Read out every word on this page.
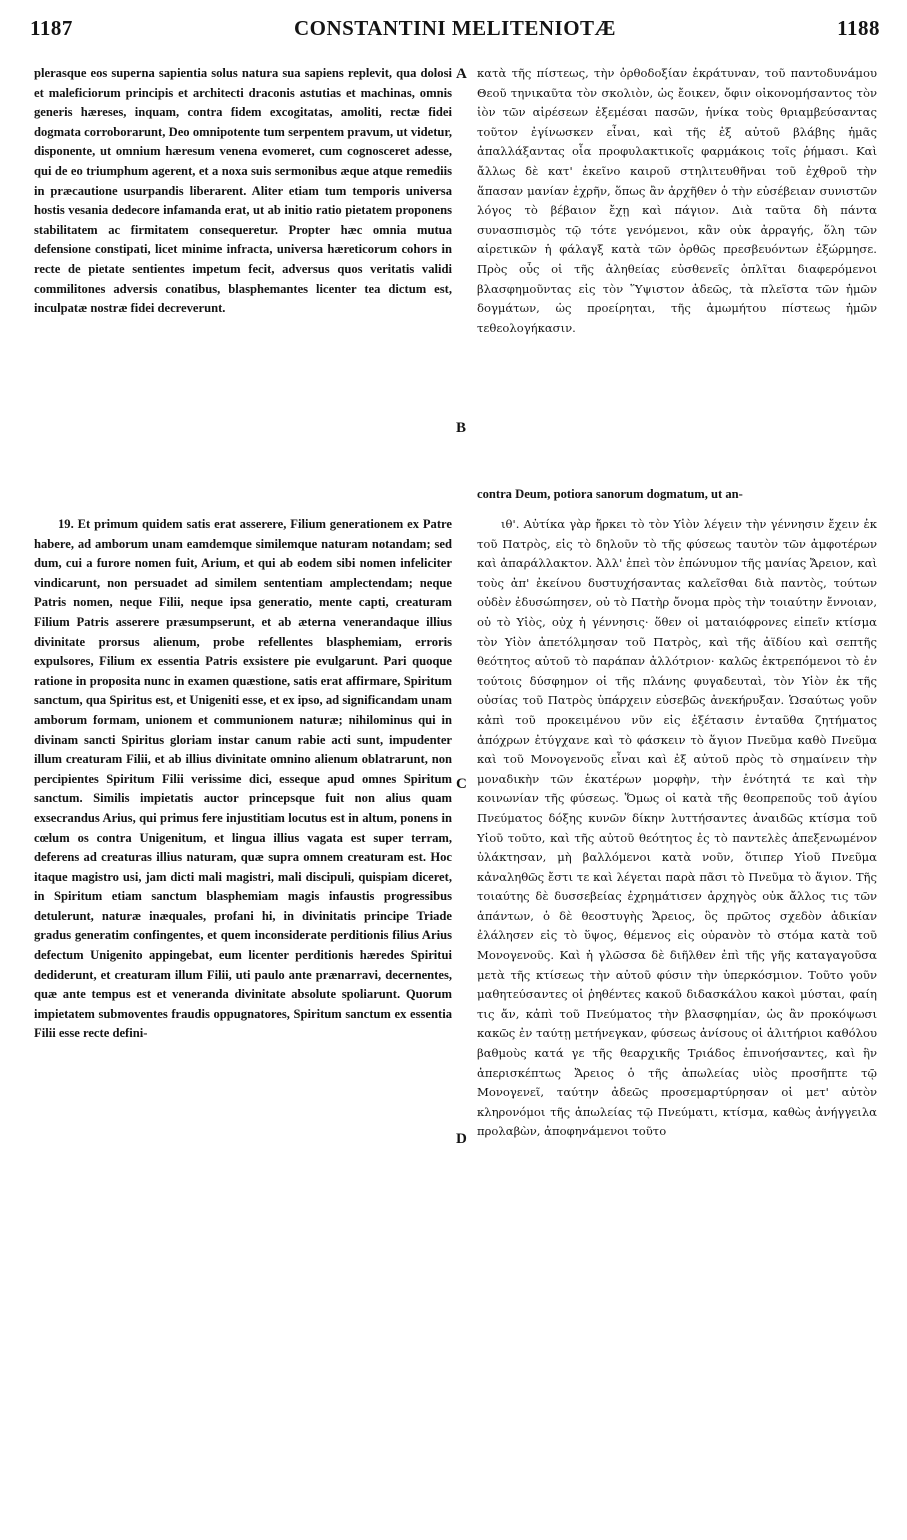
1187	CONSTANTINI MELITENIOTÆ	1188

plerasque eos superna sapientia solus natura sua sapiens replevit, qua dolosi et maleficiorum principis et architecti draconis astutias et machinas, omnis generis hæreses, inquam, contra fidem excogitatas, amoliti, rectæ fidei dogmata corroborarunt, Deo omnipotente tum serpentem pravum, ut videtur, disponente, ut omnium hæresum venena evomeret, cum cognosceret adesse, qui de eo triumphum agerent, et a noxa suis sermonibus æque atque remediis in præcautione usurpandis liberarent. Aliter etiam tum temporis universa hostis vesania dedecore infamanda erat, ut ab initio ratio pietatem proponens stabilitatem ac firmitatem consequeretur. Propter hæc omnia mutua defensione constipati, licet minime infracta, universa hæreticorum cohors in recte de pietate sentientes impetum fecit, adversus quos veritatis validi commilitones adversis conatibus, blasphemantes licenter tea dictum est, inculpatæ nostræ fidei decreverunt.

19. Et primum quidem satis erat asserere, Filium generationem ex Patre habere, ad amborum unam eamdemque similemque naturam notandam; sed dum, cui a furore nomen fuit, Arium, et qui ab eodem sibi nomen infeliciter vindicarunt, non persuadet ad similem sententiam amplectendam; neque Patris nomen, neque Filii, neque ipsa generatio, mente capti, creaturam Filium Patris asserere præsumpserunt, et ab æterna venerandaque illius divinitate prorsus alienum, probe refellentes blasphemiam, erroris expulsores, Filium ex essentia Patris exsistere pie evulgarunt. Pari quoque ratione in proposita nunc in examen quæstione, satis erat affirmare, Spiritum sanctum, qua Spiritus est, et Unigeniti esse, et ex ipso, ad significandam unam amborum formam, unionem et communionem naturæ; nihilominus qui in divinam sancti Spiritus gloriam instar canum rabie acti sunt, impudenter illum creaturam Filii, et ab illius divinitate omnino alienum oblatrarunt, non percipientes Spiritum Filii verissime dici, esseque apud omnes Spiritum sanctum. Similis impietatis auctor princepsque fuit non alius quam exsecrandus Arius, qui primus fere injustitiam locutus est in altum, ponens in cœlum os contra Unigenitum, et lingua illius vagata est super terram, deferens ad creaturas illius naturam, quæ supra omnem creaturam est. Hoc itaque magistro usi, jam dicti mali magistri, mali discipuli, quispiam diceret, in Spiritum etiam sanctum blasphemiam magis infaustis progressibus detulerunt, naturæ inæquales, profani hi, in divinitatis principe Triade gradus generatim confingentes, et quem inconsiderate perditionis filius Arius defectum Unigenito appingebat, eum licenter perditionis hæredes Spiritui dediderunt, et creaturam illum Filii, uti paulo ante prænarravi, decernentes, quæ ante tempus est et veneranda divinitate absolute spoliarunt. Quorum impietatem submoventes fraudis oppugnatores, Spiritum sanctum ex essentia Filii esse recte defini-

κατὰ τῆς πίστεως, τὴν ὀρθοδοξίαν ἐκράτυναν, τοῦ παντοδυνάμου Θεοῦ τηνικαῦτα τὸν σκολιὸν, ὡς ἔοικεν, ὄφιν οἰκονομήσαντος τὸν ἰὸν τῶν αἱρέσεων ἐξεμέσαι πασῶν, ἡνίκα τοὺς θριαμβεύσαντας τοῦτον ἐγίνωσκεν εἶναι, καὶ τῆς ἐξ αὐτοῦ βλάβης ἡμᾶς ἀπαλλάξαντας οἷα προφυλακτικοῖς φαρμάκοις τοῖς ῥήμασι. Καὶ ἄλλως δὲ κατ' ἐκεῖνο καιροῦ στηλιτευθῆναι τοῦ ἐχθροῦ τὴν ἅπασαν μανίαν ἐχρῆν, ὅπως ἂν ἀρχῆθεν ὁ τὴν εὐσέβειαν συνιστῶν λόγος τὸ βέβαιον ἔχῃ καὶ πάγιον. Διὰ ταῦτα δὴ πάντα συνασπισμὸς τῷ τότε γενόμενοι, κἂν οὐκ ἀρραγής, ὅλη τῶν αἱρετικῶν ἡ φάλαγξ κατὰ τῶν ὀρθῶς πρεσβευόντων ἐξώρμησε. Πρὸς οὖς οἱ τῆς ἀληθείας εὐσθενεῖς ὁπλῖται διαφερόμενοι βλασφημοῦντας εἰς τὸν Ὕψιστον ἀδεῶς, τὰ πλεῖστα τῶν ἡμῶν δογμάτων, ὡς προείρηται, τῆς ἀμωμήτου πίστεως ἡμῶν τεθεολογήκασιν.

contra Deum, potiora sanorum dogmatum, ut an-

ιθ'. Αὐτίκα γὰρ ἤρκει τὸ τὸν Υἱὸν λέγειν τὴν γέννησιν ἔχειν ἐκ τοῦ Πατρὸς, εἰς τὸ δηλοῦν τὸ τῆς φύσεως ταυτὸν τῶν ἀμφοτέρων καὶ ἀπαράλλακτον. Ἀλλ' ἐπεὶ τὸν ἐπώνυμον τῆς μανίας Ἄρειον, καὶ τοὺς ἀπ' ἐκείνου δυστυχήσαντας καλεῖσθαι διὰ παντὸς, τούτων οὐδὲν ἐδυσώπησεν, οὐ τὸ Πατὴρ ὄνομα πρὸς τὴν τοιαύτην ἔννοιαν, οὐ τὸ Υἱὸς, οὐχ ἡ γέννησις· ὅθεν οἱ ματαιόφρονες εἰπεῖν κτίσμα τὸν Υἱὸν ἀπετόλμησαν τοῦ Πατρὸς, καὶ τῆς ἀϊδίου καὶ σεπτῆς θεότητος αὐτοῦ τὸ παράπαν ἀλλότριον· καλῶς ἐκτρεπόμενοι τὸ ἐν τούτοις δύσφημον οἱ τῆς πλάνης φυγαδευταὶ, τὸν Υἱὸν ἐκ τῆς οὐσίας τοῦ Πατρὸς ὑπάρχειν εὐσεβῶς ἀνεκήρυξαν. Ὡσαύτως γοῦν κἀπὶ τοῦ προκειμένου νῦν εἰς ἐξέτασιν ἐνταῦθα ζητήματος ἀπόχρων ἐτύγχανε καὶ τὸ φάσκειν τὸ ἅγιον Πνεῦμα καθὸ Πνεῦμα καὶ τοῦ Μονογενοῦς εἶναι καὶ ἐξ αὐτοῦ πρὸς τὸ σημαίνειν τὴν μοναδικὴν τῶν ἑκατέρων μορφὴν, τὴν ἑνότητά τε καὶ τὴν κοινωνίαν τῆς φύσεως. Ὅμως οἱ κατὰ τῆς θεοπρεποῦς τοῦ ἁγίου Πνεύματος δόξης κυνῶν δίκην λυττήσαντες ἀναιδῶς κτίσμα τοῦ Υἱοῦ τοῦτο, καὶ τῆς αὐτοῦ θεότητος ἐς τὸ παντελὲς ἀπεξενωμένον ὑλάκτησαν, μὴ βαλλόμενοι κατὰ νοῦν, ὅτιπερ Υἱοῦ Πνεῦμα κἀναληθῶς ἔστι τε καὶ λέγεται παρὰ πᾶσι τὸ Πνεῦμα τὸ ἅγιον. Τῆς τοιαύτης δὲ δυσσεβείας ἐχρημάτισεν ἀρχηγὸς οὐκ ἄλλος τις τῶν ἁπάντων, ὁ δὲ θεοστυγὴς Ἄρειος, ὃς πρῶτος σχεδὸν ἀδικίαν ἐλάλησεν εἰς τὸ ὕψος, θέμενος εἰς οὐρανὸν τὸ στόμα κατὰ τοῦ Μονογενοῦς. Καὶ ἡ γλῶσσα δὲ διῆλθεν ἐπὶ τῆς γῆς καταγαγοῦσα μετὰ τῆς κτίσεως τὴν αὐτοῦ φύσιν τὴν ὑπερκόσμιον. Τοῦτο γοῦν μαθητεύσαντες οἱ ῥηθέντες κακοῦ διδασκάλου κακοὶ μύσται, φαίη τις ἄν, κἀπὶ τοῦ Πνεύματος τὴν βλασφημίαν, ὡς ἂν προκόψωσι κακῶς ἐν ταύτῃ μετήνεγκαν, φύσεως ἀνίσους οἱ ἀλιτήριοι καθόλου βαθμοὺς κατά γε τῆς θεαρχικῆς Τριάδος ἐπινοήσαντες, καὶ ἣν ἀπερισκέπτως Ἄρειος ὁ τῆς ἀπωλείας υἱὸς προσῆπτε τῷ Μονογενεῖ, ταύτην ἀδεῶς προσεμαρτύρησαν οἱ μετ' αὐτὸν κληρονόμοι τῆς ἀπωλείας τῷ Πνεύματι, κτίσμα, καθὼς ἀνήγγειλα προλαβὼν, ἀποφηνάμενοι τοῦτο

A
B
C
D
